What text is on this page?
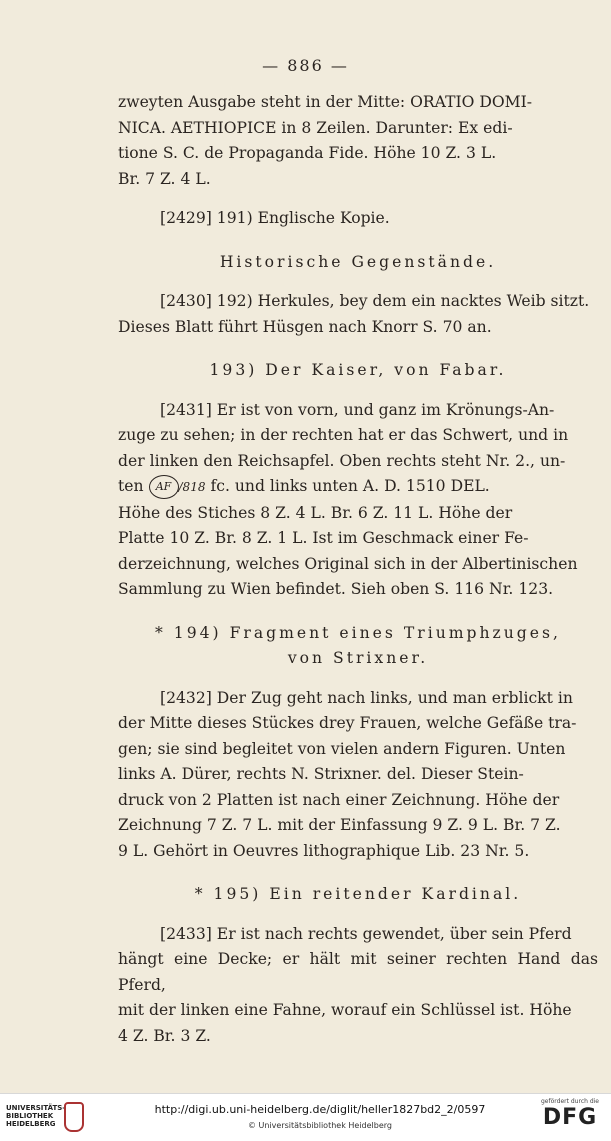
— 886 —

zweyten Ausgabe steht in der Mitte: ORATIO DOMI-

NICA. AETHIOPICE in 8 Zeilen. Darunter: Ex edi-

tione S. C. de Propaganda Fide. Höhe 10 Z. 3 L.

Br. 7 Z. 4 L.

[2429] 191) Englische Kopie.

Historische Gegenstände.

[2430] 192) Herkules, bey dem ein nacktes Weib sitzt.

Dieses Blatt führt Hüsgen nach Knorr S. 70 an.

193) Der Kaiser, von Fabar.

[2431] Er ist von vorn, und ganz im Krönungs-An-

zuge zu sehen; in der rechten hat er das Schwert, und in

der linken den Reichsapfel. Oben rechts steht Nr. 2., un-

ten AF /818 fc. und links unten A. D. 1510 DEL.

Höhe des Stiches 8 Z. 4 L. Br. 6 Z. 11 L. Höhe der

Platte 10 Z. Br. 8 Z. 1 L. Ist im Geschmack einer Fe-

derzeichnung, welches Original sich in der Albertinischen

Sammlung zu Wien befindet. Sieh oben S. 116 Nr. 123.

* 194) Fragment eines Triumphzuges,

von Strixner.

[2432] Der Zug geht nach links, und man erblickt in

der Mitte dieses Stückes drey Frauen, welche Gefäße tra-

gen; sie sind begleitet von vielen andern Figuren. Unten

links A. Dürer, rechts N. Strixner. del. Dieser Stein-

druck von 2 Platten ist nach einer Zeichnung. Höhe der

Zeichnung 7 Z. 7 L. mit der Einfassung 9 Z. 9 L. Br. 7 Z.

9 L. Gehört in Oeuvres lithographique Lib. 23 Nr. 5.

* 195) Ein reitender Kardinal.

[2433] Er ist nach rechts gewendet, über sein Pferd

hängt eine Decke; er hält mit seiner rechten Hand das Pferd,

mit der linken eine Fahne, worauf ein Schlüssel ist. Höhe

4 Z. Br. 3 Z.

UNIVERSITÄTS-
BIBLIOTHEK
HEIDELBERG
http://digi.ub.uni-heidelberg.de/diglit/heller1827bd2_2/0597
© Universitätsbibliothek Heidelberg
gefördert durch die
DFG
